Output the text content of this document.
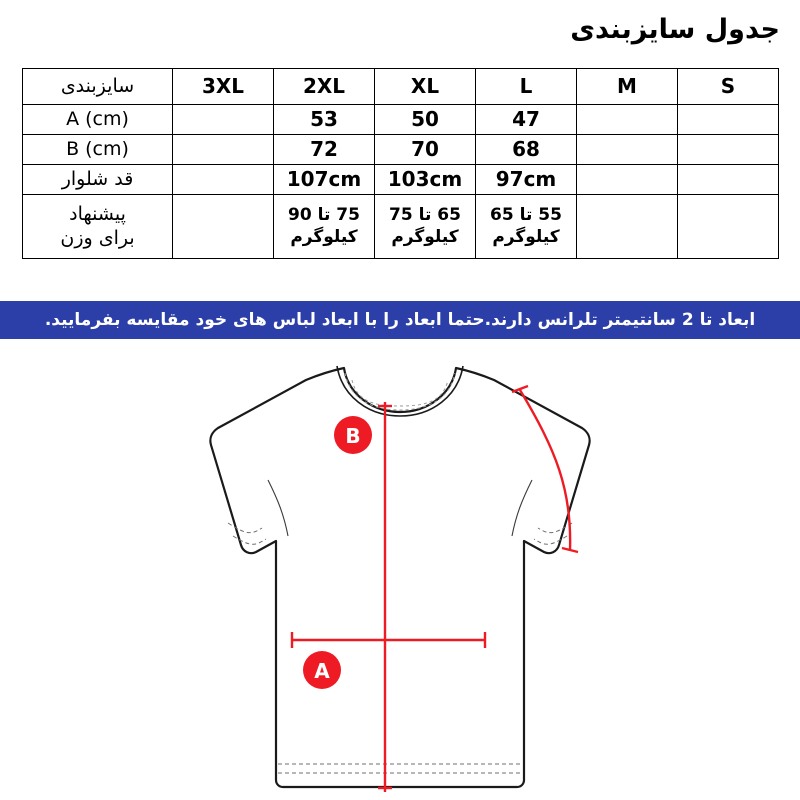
جدول سایزبندی
S	M	L	XL	2XL	3XL	سایزبندی
		47	50	53		A (cm)
		68	70	72		B (cm)
		97cm	103cm	107cm		قد شلوار
		55 تا 65 کیلوگرم	65 تا 75 کیلوگرم	75 تا 90 کیلوگرم		پیشنهاد
برای وزن
ابعاد تا 2 سانتیمتر تلرانس دارند.حتما ابعاد را با ابعاد لباس های خود مقایسه بفرمایید.
B
A
